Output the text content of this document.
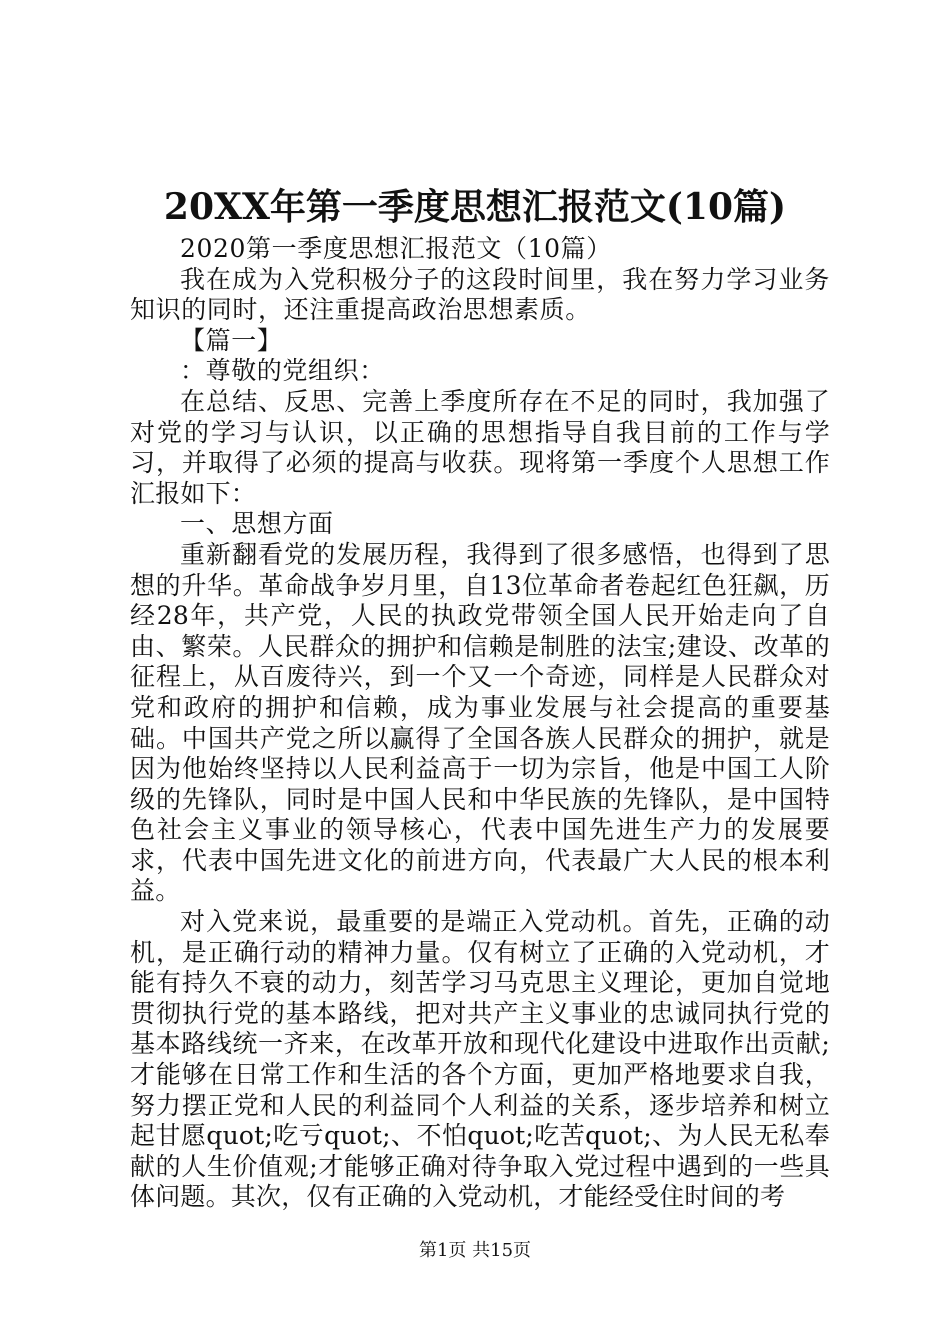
20XX年第一季度思想汇报范文(10篇)

2020第一季度思想汇报范文（10篇）

我在成为入党积极分子的这段时间里，我在努力学习业务知识的同时，还注重提高政治思想素质。

【篇一】

：尊敬的党组织：

在总结、反思、完善上季度所存在不足的同时，我加强了对党的学习与认识，以正确的思想指导自我目前的工作与学习，并取得了必须的提高与收获。现将第一季度个人思想工作汇报如下：

一、思想方面

重新翻看党的发展历程，我得到了很多感悟，也得到了思想的升华。革命战争岁月里，自13位革命者卷起红色狂飙，历经28年，共产党，人民的执政党带领全国人民开始走向了自由、繁荣。人民群众的拥护和信赖是制胜的法宝;建设、改革的征程上，从百废待兴，到一个又一个奇迹，同样是人民群众对党和政府的拥护和信赖，成为事业发展与社会提高的重要基础。中国共产党之所以赢得了全国各族人民群众的拥护，就是因为他始终坚持以人民利益高于一切为宗旨，他是中国工人阶级的先锋队，同时是中国人民和中华民族的先锋队，是中国特色社会主义事业的领导核心，代表中国先进生产力的发展要求，代表中国先进文化的前进方向，代表最广大人民的根本利益。

对入党来说，最重要的是端正入党动机。首先，正确的动机，是正确行动的精神力量。仅有树立了正确的入党动机，才能有持久不衰的动力，刻苦学习马克思主义理论，更加自觉地贯彻执行党的基本路线，把对共产主义事业的忠诚同执行党的基本路线统一齐来，在改革开放和现代化建设中进取作出贡献;才能够在日常工作和生活的各个方面，更加严格地要求自我，努力摆正党和人民的利益同个人利益的关系，逐步培养和树立起甘愿quot;吃亏quot;、不怕quot;吃苦quot;、为人民无私奉献的人生价值观;才能够正确对待争取入党过程中遇到的一些具体问题。其次，仅有正确的入党动机，才能经受住时间的考

第1页 共15页
